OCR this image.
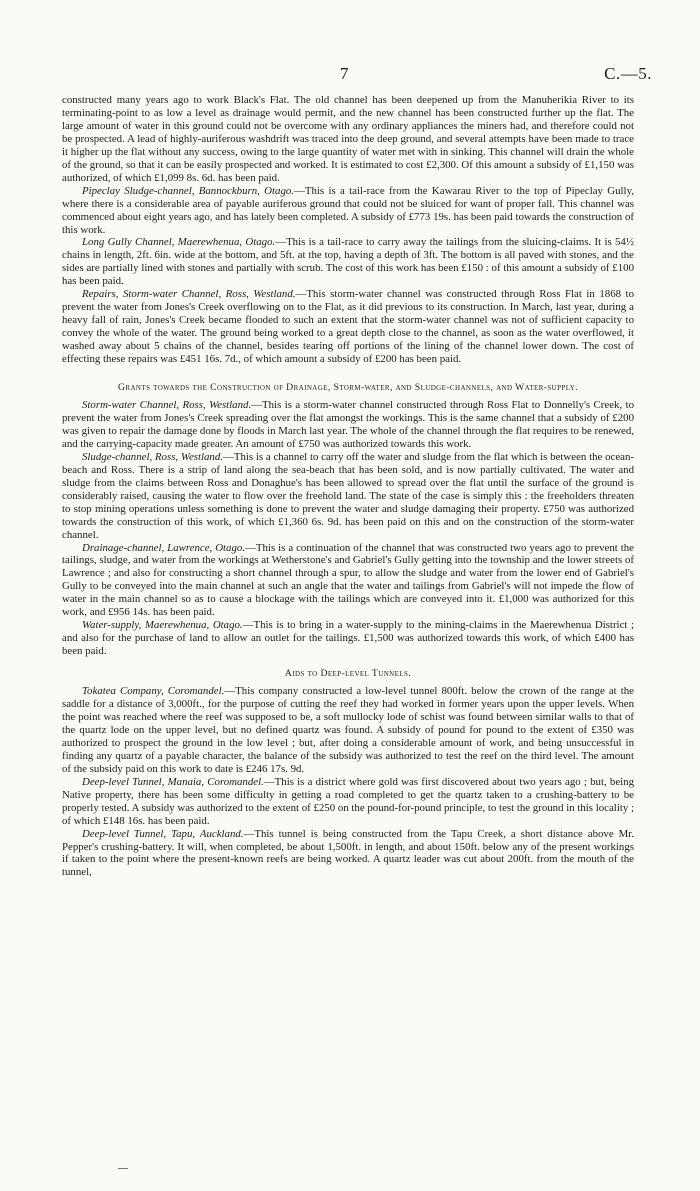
7	C.—5.

constructed many years ago to work Black's Flat. The old channel has been deepened up from the Manuherikia River to its terminating-point to as low a level as drainage would permit, and the new channel has been constructed further up the flat. The large amount of water in this ground could not be overcome with any ordinary appliances the miners had, and therefore could not be prospected. A lead of highly-auriferous washdrift was traced into the deep ground, and several attempts have been made to trace it higher up the flat without any success, owing to the large quantity of water met with in sinking. This channel will drain the whole of the ground, so that it can be easily prospected and worked. It is estimated to cost £2,300. Of this amount a subsidy of £1,150 was authorized, of which £1,099 8s. 6d. has been paid.

Pipeclay Sludge-channel, Bannockburn, Otago.—This is a tail-race from the Kawarau River to the top of Pipeclay Gully, where there is a considerable area of payable auriferous ground that could not be sluiced for want of proper fall. This channel was commenced about eight years ago, and has lately been completed. A subsidy of £773 19s. has been paid towards the construction of this work.

Long Gully Channel, Maerewhenua, Otago.—This is a tail-race to carry away the tailings from the sluicing-claims. It is 54½ chains in length, 2ft. 6in. wide at the bottom, and 5ft. at the top, having a depth of 3ft. The bottom is all paved with stones, and the sides are partially lined with stones and partially with scrub. The cost of this work has been £150 : of this amount a subsidy of £100 has been paid.

Repairs, Storm-water Channel, Ross, Westland.—This storm-water channel was constructed through Ross Flat in 1868 to prevent the water from Jones's Creek overflowing on to the Flat, as it did previous to its construction. In March, last year, during a heavy fall of rain, Jones's Creek became flooded to such an extent that the storm-water channel was not of sufficient capacity to convey the whole of the water. The ground being worked to a great depth close to the channel, as soon as the water overflowed, it washed away about 5 chains of the channel, besides tearing off portions of the lining of the channel lower down. The cost of effecting these repairs was £451 16s. 7d., of which amount a subsidy of £200 has been paid.

Grants towards the Construction of Drainage, Storm-water, and Sludge-channels, and Water-supply.

Storm-water Channel, Ross, Westland.—This is a storm-water channel constructed through Ross Flat to Donnelly's Creek, to prevent the water from Jones's Creek spreading over the flat amongst the workings. This is the same channel that a subsidy of £200 was given to repair the damage done by floods in March last year. The whole of the channel through the flat requires to be renewed, and the carrying-capacity made greater. An amount of £750 was authorized towards this work.

Sludge-channel, Ross, Westland.—This is a channel to carry off the water and sludge from the flat which is between the ocean-beach and Ross. There is a strip of land along the sea-beach that has been sold, and is now partially cultivated. The water and sludge from the claims between Ross and Donaghue's has been allowed to spread over the flat until the surface of the ground is considerably raised, causing the water to flow over the freehold land. The state of the case is simply this : the freeholders threaten to stop mining operations unless something is done to prevent the water and sludge damaging their property. £750 was authorized towards the construction of this work, of which £1,360 6s. 9d. has been paid on this and on the construction of the storm-water channel.

Drainage-channel, Lawrence, Otago.—This is a continuation of the channel that was constructed two years ago to prevent the tailings, sludge, and water from the workings at Wetherstone's and Gabriel's Gully getting into the township and the lower streets of Lawrence ; and also for constructing a short channel through a spur, to allow the sludge and water from the lower end of Gabriel's Gully to be conveyed into the main channel at such an angle that the water and tailings from Gabriel's will not impede the flow of water in the main channel so as to cause a blockage with the tailings which are conveyed into it. £1,000 was authorized for this work, and £956 14s. has been paid.

Water-supply, Maerewhenua, Otago.—This is to bring in a water-supply to the mining-claims in the Maerewhenua District ; and also for the purchase of land to allow an outlet for the tailings. £1,500 was authorized towards this work, of which £400 has been paid.

Aids to Deep-level Tunnels.

Tokatea Company, Coromandel.—This company constructed a low-level tunnel 800ft. below the crown of the range at the saddle for a distance of 3,000ft., for the purpose of cutting the reef they had worked in former years upon the upper levels. When the point was reached where the reef was supposed to be, a soft mullocky lode of schist was found between similar walls to that of the quartz lode on the upper level, but no defined quartz was found. A subsidy of pound for pound to the extent of £350 was authorized to prospect the ground in the low level ; but, after doing a considerable amount of work, and being unsuccessful in finding any quartz of a payable character, the balance of the subsidy was authorized to test the reef on the third level. The amount of the subsidy paid on this work to date is £246 17s. 9d.

Deep-level Tunnel, Manaia, Coromandel.—This is a district where gold was first discovered about two years ago ; but, being Native property, there has been some difficulty in getting a road completed to get the quartz taken to a crushing-battery to be properly tested. A subsidy was authorized to the extent of £250 on the pound-for-pound principle, to test the ground in this locality ; of which £148 16s. has been paid.

Deep-level Tunnel, Tapu, Auckland.—This tunnel is being constructed from the Tapu Creek, a short distance above Mr. Pepper's crushing-battery. It will, when completed, be about 1,500ft. in length, and about 150ft. below any of the present workings if taken to the point where the present-known reefs are being worked. A quartz leader was cut about 200ft. from the mouth of the tunnel,
